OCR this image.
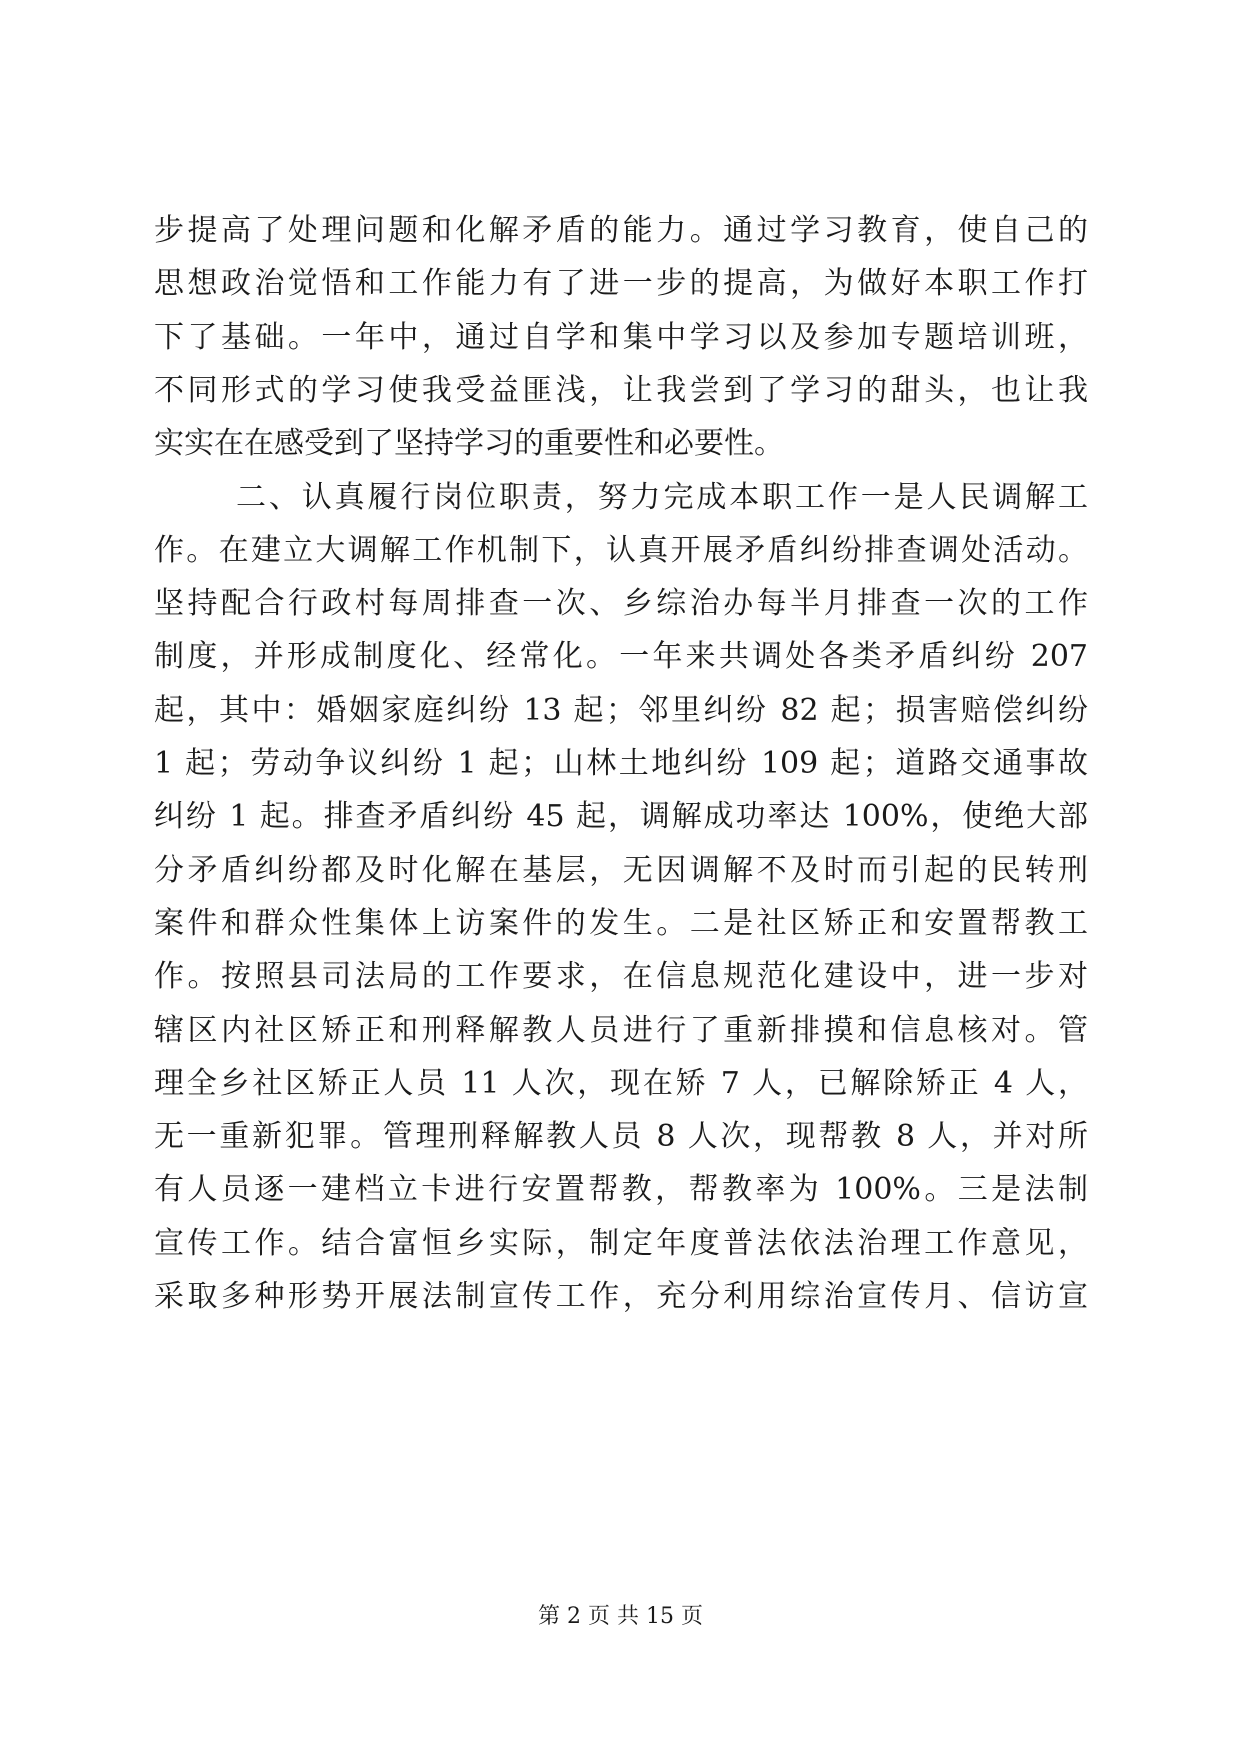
步提高了处理问题和化解矛盾的能力。通过学习教育，使自己的
思想政治觉悟和工作能力有了进一步的提高，为做好本职工作打
下了基础。一年中，通过自学和集中学习以及参加专题培训班，
不同形式的学习使我受益匪浅，让我尝到了学习的甜头，也让我
实实在在感受到了坚持学习的重要性和必要性。
二、认真履行岗位职责，努力完成本职工作一是人民调解工
作。在建立大调解工作机制下，认真开展矛盾纠纷排查调处活动。
坚持配合行政村每周排查一次、乡综治办每半月排查一次的工作
制度，并形成制度化、经常化。一年来共调处各类矛盾纠纷 207
起，其中：婚姻家庭纠纷 13 起；邻里纠纷 82 起；损害赔偿纠纷
1 起；劳动争议纠纷 1 起；山林土地纠纷 109 起；道路交通事故
纠纷 1 起。排查矛盾纠纷 45 起，调解成功率达 100%，使绝大部
分矛盾纠纷都及时化解在基层，无因调解不及时而引起的民转刑
案件和群众性集体上访案件的发生。二是社区矫正和安置帮教工
作。按照县司法局的工作要求，在信息规范化建设中，进一步对
辖区内社区矫正和刑释解教人员进行了重新排摸和信息核对。管
理全乡社区矫正人员 11 人次，现在矫 7 人，已解除矫正 4 人，
无一重新犯罪。管理刑释解教人员 8 人次，现帮教 8 人，并对所
有人员逐一建档立卡进行安置帮教，帮教率为 100%。三是法制
宣传工作。结合富恒乡实际，制定年度普法依法治理工作意见，
采取多种形势开展法制宣传工作，充分利用综治宣传月、信访宣
第 2 页 共 15 页
